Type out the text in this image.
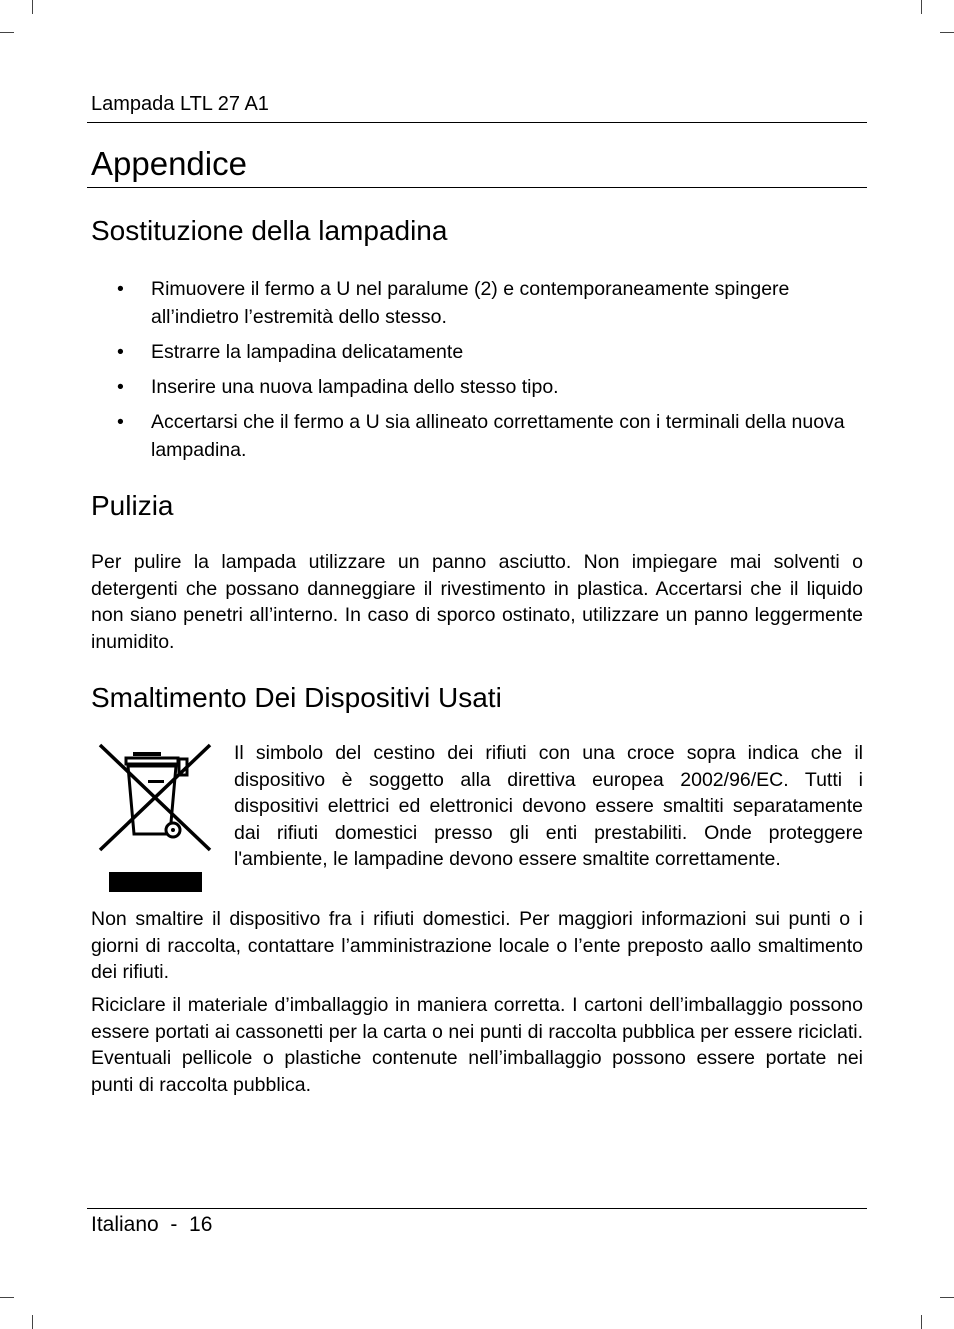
Lampada LTL 27 A1
Appendice
Sostituzione della lampadina
• Rimuovere il fermo a U nel paralume (2) e contemporaneamente spingere all’indietro l’estremità dello stesso.
• Estrarre la lampadina delicatamente
• Inserire una nuova lampadina dello stesso tipo.
• Accertarsi che il fermo a U sia allineato correttamente con i terminali della nuova lampadina.
Pulizia

Per pulire la lampada utilizzare un panno asciutto. Non impiegare mai solventi o detergenti che possano danneggiare il rivestimento in plastica. Accertarsi che il liquido non siano penetri all’interno. In caso di sporco ostinato, utilizzare un panno leggermente inumidito.

Smaltimento Dei Dispositivi Usati

Il simbolo del cestino dei rifiuti con una croce sopra indica che il dispositivo è soggetto alla direttiva europea 2002/96/EC. Tutti i dispositivi elettrici ed elettronici devono essere smaltiti separatamente dai rifiuti domestici presso gli enti prestabiliti. Onde proteggere l'ambiente, le lampadine devono essere smaltite correttamente.

Non smaltire il dispositivo fra i rifiuti domestici. Per maggiori informazioni sui punti o i giorni di raccolta, contattare l’amministrazione locale o l’ente preposto aallo smaltimento dei rifiuti.

Riciclare il materiale d’imballaggio in maniera corretta. I cartoni dell’imballaggio possono essere portati ai cassonetti per la carta o nei punti di raccolta pubblica per essere riciclati. Eventuali pellicole o plastiche contenute nell’imballaggio possono essere portate nei punti di raccolta pubblica.

Italiano  -  16
